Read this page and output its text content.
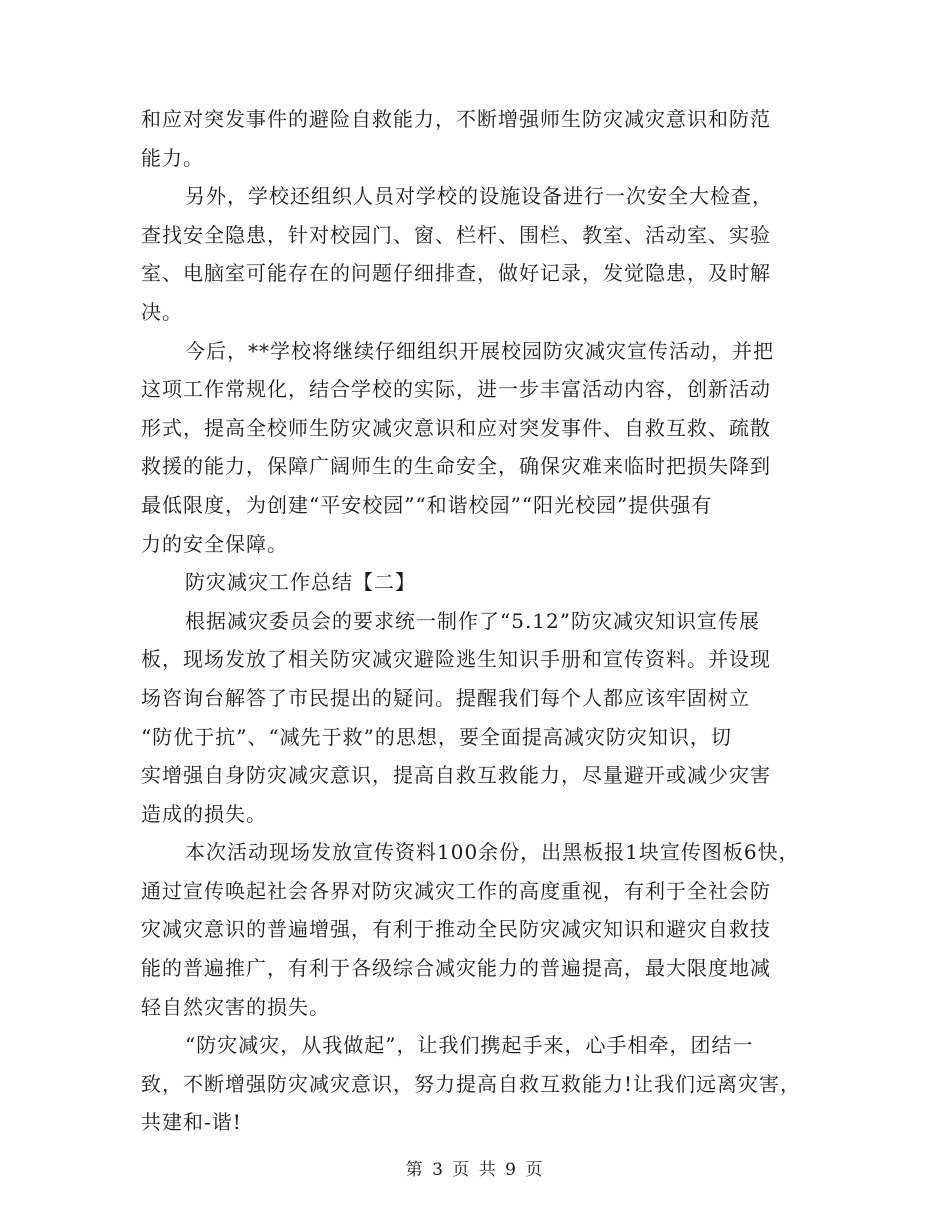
和应对突发事件的避险自救能力，不断增强师生防灾减灾意识和防范
能力。

另外，学校还组织人员对学校的设施设备进行一次安全大检查，
查找安全隐患，针对校园门、窗、栏杆、围栏、教室、活动室、实验
室、电脑室可能存在的问题仔细排查，做好记录，发觉隐患，及时解
决。

今后，**学校将继续仔细组织开展校园防灾减灾宣传活动，并把
这项工作常规化，结合学校的实际，进一步丰富活动内容，创新活动
形式，提高全校师生防灾减灾意识和应对突发事件、自救互救、疏散
救援的能力，保障广阔师生的生命安全，确保灾难来临时把损失降到
最低限度，为创建“平安校园”“和谐校园”“阳光校园”提供强有
力的安全保障。

防灾减灾工作总结【二】

根据减灾委员会的要求统一制作了“5.12”防灾减灾知识宣传展
板，现场发放了相关防灾减灾避险逃生知识手册和宣传资料。并设现
场咨询台解答了市民提出的疑问。提醒我们每个人都应该牢固树立
“防优于抗”、“减先于救”的思想，要全面提高减灾防灾知识，切
实增强自身防灾减灾意识，提高自救互救能力，尽量避开或减少灾害
造成的损失。

本次活动现场发放宣传资料100余份，出黑板报1块宣传图板6快，
通过宣传唤起社会各界对防灾减灾工作的高度重视，有利于全社会防
灾减灾意识的普遍增强，有利于推动全民防灾减灾知识和避灾自救技
能的普遍推广，有利于各级综合减灾能力的普遍提高，最大限度地减
轻自然灾害的损失。

“防灾减灾，从我做起”，让我们携起手来，心手相牵，团结一
致，不断增强防灾减灾意识，努力提高自救互救能力!让我们远离灾害，
共建和-谐!

第 3 页 共 9 页
